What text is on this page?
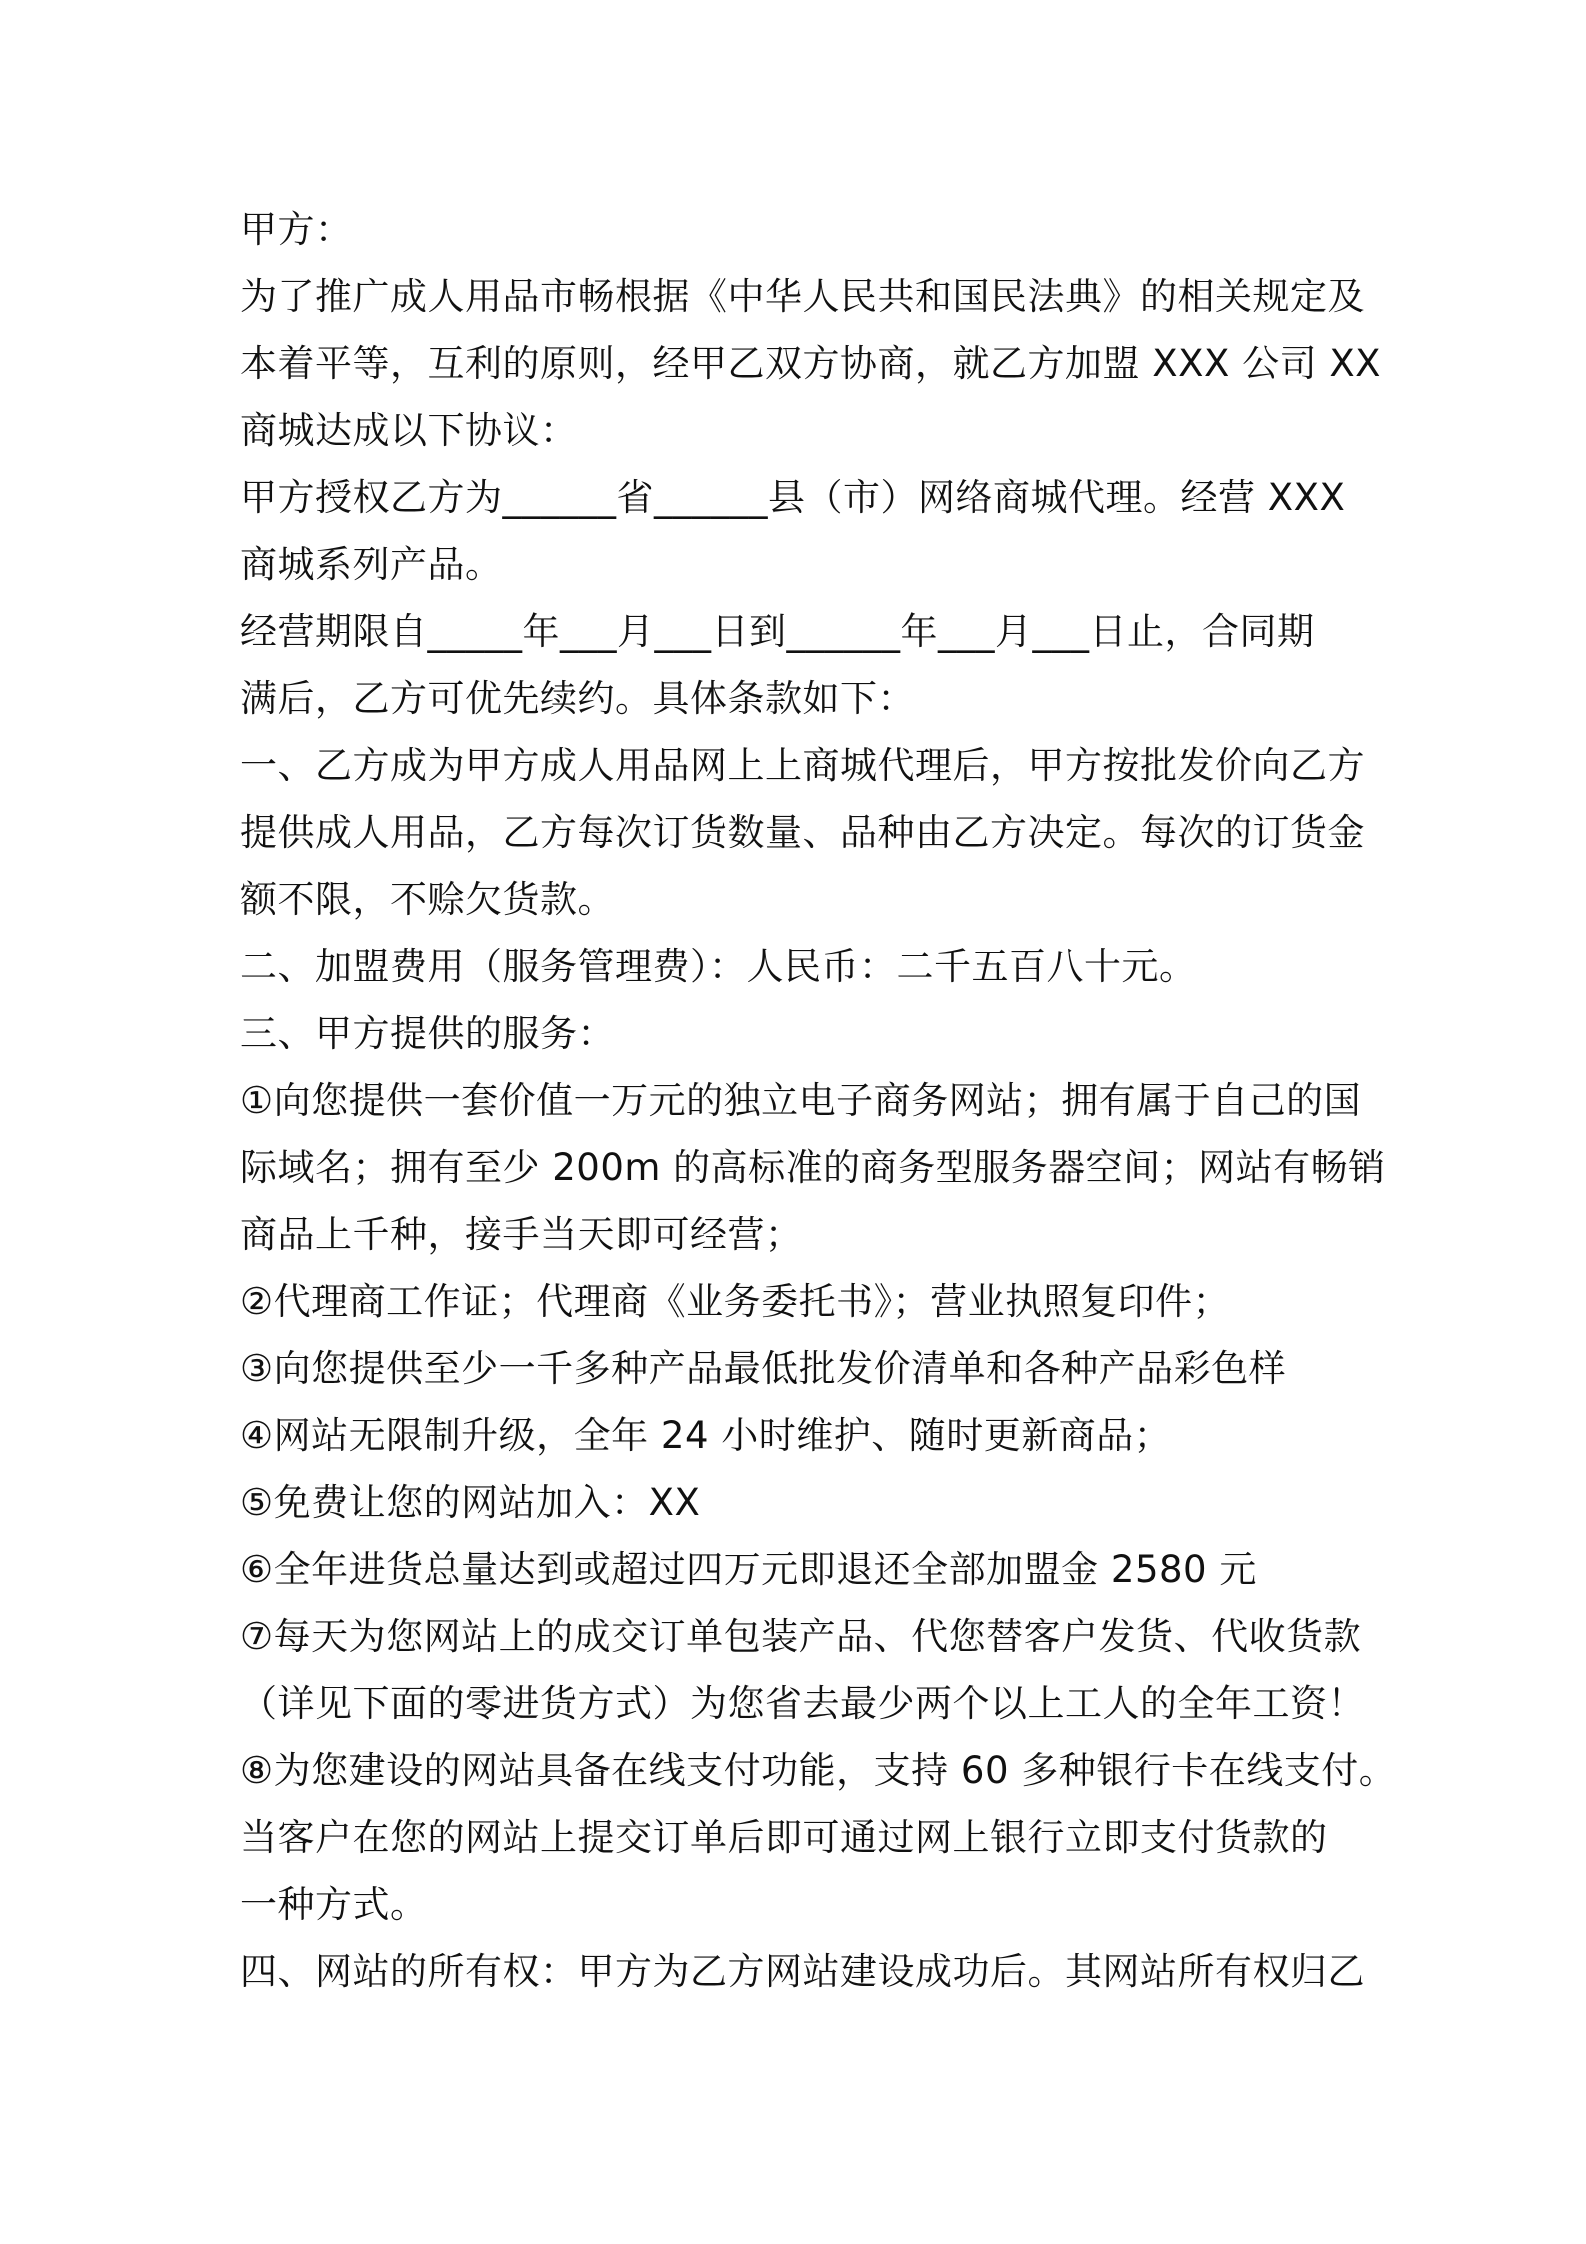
甲方：
为了推广成人用品市畅根据《中华人民共和国民法典》的相关规定及
本着平等，互利的原则，经甲乙双方协商，就乙方加盟 XXX 公司 XX
商城达成以下协议：
甲方授权乙方为______省______县（市）网络商城代理。经营 XXX
商城系列产品。
经营期限自_____年___月___日到______年___月___日止，合同期
满后，乙方可优先续约。具体条款如下：
一、乙方成为甲方成人用品网上上商城代理后，甲方按批发价向乙方
提供成人用品，乙方每次订货数量、品种由乙方决定。每次的订货金
额不限，不赊欠货款。
二、加盟费用（服务管理费）：人民币：二千五百八十元。
三、甲方提供的服务：
①向您提供一套价值一万元的独立电子商务网站；拥有属于自己的国
际域名；拥有至少 200m 的高标准的商务型服务器空间；网站有畅销
商品上千种，接手当天即可经营；
②代理商工作证；代理商《业务委托书》；营业执照复印件；
③向您提供至少一千多种产品最低批发价清单和各种产品彩色样
④网站无限制升级，全年 24 小时维护、随时更新商品；
⑤免费让您的网站加入：XX
⑥全年进货总量达到或超过四万元即退还全部加盟金 2580 元
⑦每天为您网站上的成交订单包装产品、代您替客户发货、代收货款
（详见下面的零进货方式）为您省去最少两个以上工人的全年工资！
⑧为您建设的网站具备在线支付功能，支持 60 多种银行卡在线支付。
当客户在您的网站上提交订单后即可通过网上银行立即支付货款的
一种方式。
四、网站的所有权：甲方为乙方网站建设成功后。其网站所有权归乙
